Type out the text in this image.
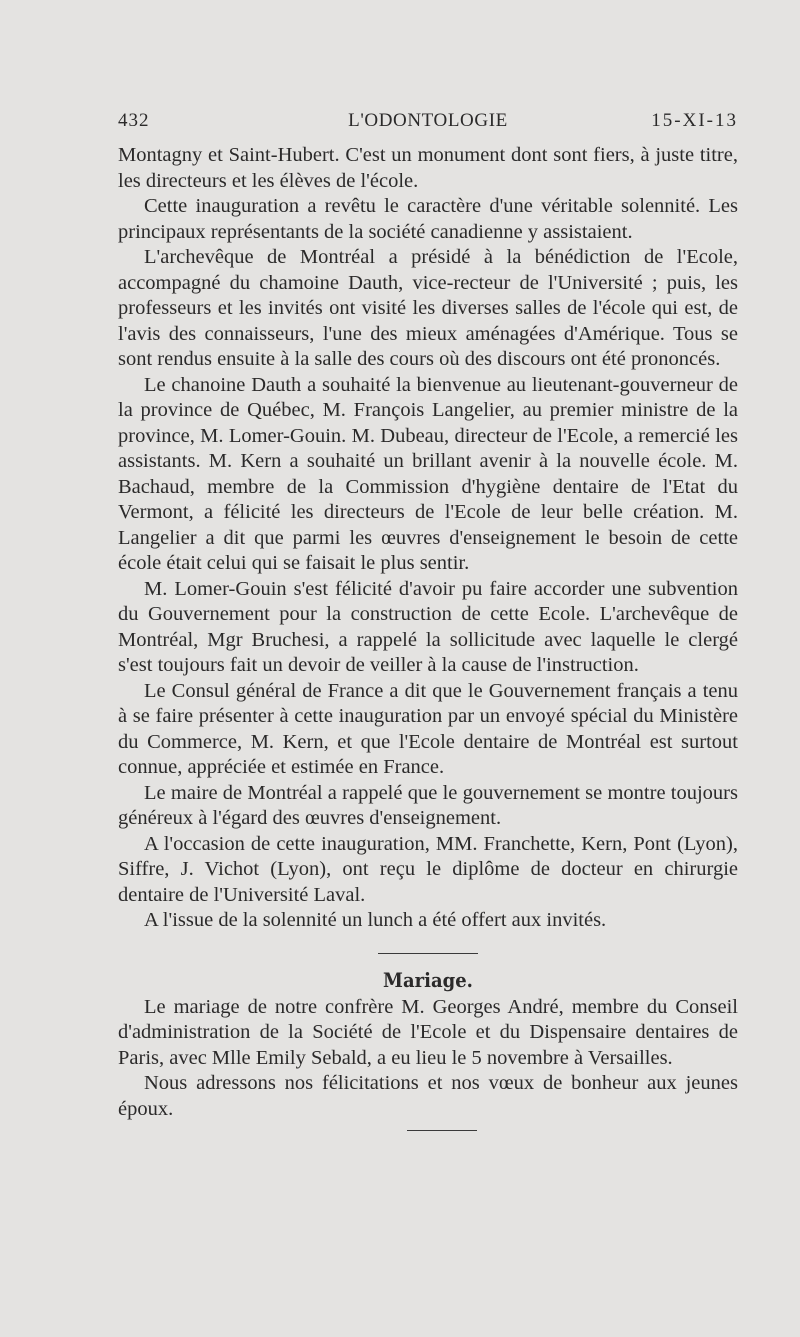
432	L'ODONTOLOGIE	15-XI-13

Montagny et Saint-Hubert. C'est un monument dont sont fiers, à juste titre, les directeurs et les élèves de l'école.

Cette inauguration a revêtu le caractère d'une véritable solennité. Les principaux représentants de la société canadienne y assistaient.

L'archevêque de Montréal a présidé à la bénédiction de l'Ecole, accompagné du chamoine Dauth, vice-recteur de l'Université ; puis, les professeurs et les invités ont visité les diverses salles de l'école qui est, de l'avis des connaisseurs, l'une des mieux aménagées d'Amérique. Tous se sont rendus ensuite à la salle des cours où des discours ont été prononcés.

Le chanoine Dauth a souhaité la bienvenue au lieutenant-gouverneur de la province de Québec, M. François Langelier, au premier ministre de la province, M. Lomer-Gouin. M. Dubeau, directeur de l'Ecole, a remercié les assistants. M. Kern a souhaité un brillant avenir à la nouvelle école. M. Bachaud, membre de la Commission d'hygiène dentaire de l'Etat du Vermont, a félicité les directeurs de l'Ecole de leur belle création. M. Langelier a dit que parmi les œuvres d'enseignement le besoin de cette école était celui qui se faisait le plus sentir.

M. Lomer-Gouin s'est félicité d'avoir pu faire accorder une subvention du Gouvernement pour la construction de cette Ecole. L'archevêque de Montréal, Mgr Bruchesi, a rappelé la sollicitude avec laquelle le clergé s'est toujours fait un devoir de veiller à la cause de l'instruction.

Le Consul général de France a dit que le Gouvernement français a tenu à se faire présenter à cette inauguration par un envoyé spécial du Ministère du Commerce, M. Kern, et que l'Ecole dentaire de Montréal est surtout connue, appréciée et estimée en France.

Le maire de Montréal a rappelé que le gouvernement se montre toujours généreux à l'égard des œuvres d'enseignement.

A l'occasion de cette inauguration, MM. Franchette, Kern, Pont (Lyon), Siffre, J. Vichot (Lyon), ont reçu le diplôme de docteur en chirurgie dentaire de l'Université Laval.

A l'issue de la solennité un lunch a été offert aux invités.

Mariage.

Le mariage de notre confrère M. Georges André, membre du Conseil d'administration de la Société de l'Ecole et du Dispensaire dentaires de Paris, avec Mlle Emily Sebald, a eu lieu le 5 novembre à Versailles.

Nous adressons nos félicitations et nos vœux de bonheur aux jeunes époux.
